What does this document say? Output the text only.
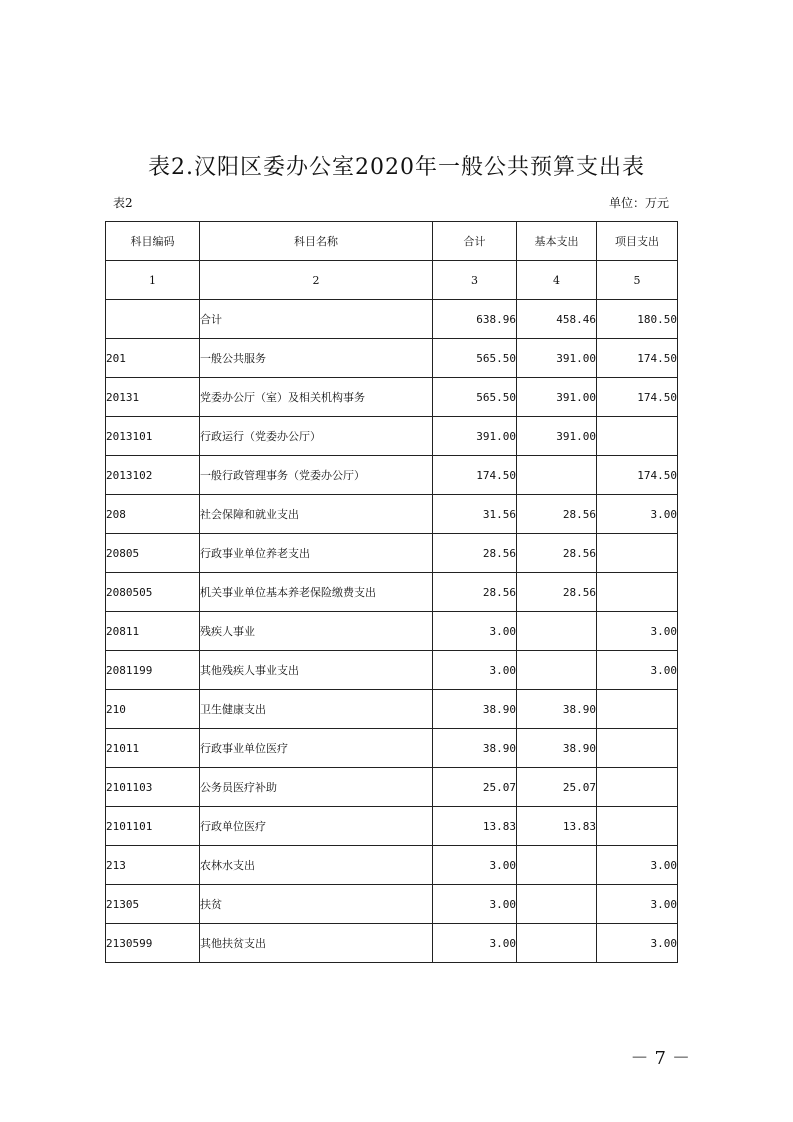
表2.汉阳区委办公室2020年一般公共预算支出表
表2	单位：万元
科目编码	科目名称	合计	基本支出	项目支出
1	2	3	4	5
	合计	638.96	458.46	180.50
201	一般公共服务	565.50	391.00	174.50
20131	党委办公厅（室）及相关机构事务	565.50	391.00	174.50
2013101	行政运行（党委办公厅）	391.00	391.00	
2013102	一般行政管理事务（党委办公厅）	174.50		174.50
208	社会保障和就业支出	31.56	28.56	3.00
20805	行政事业单位养老支出	28.56	28.56	
2080505	机关事业单位基本养老保险缴费支出	28.56	28.56	
20811	残疾人事业	3.00		3.00
2081199	其他残疾人事业支出	3.00		3.00
210	卫生健康支出	38.90	38.90	
21011	行政事业单位医疗	38.90	38.90	
2101103	公务员医疗补助	25.07	25.07	
2101101	行政单位医疗	13.83	13.83	
213	农林水支出	3.00		3.00
21305	扶贫	3.00		3.00
2130599	其他扶贫支出	3.00		3.00
－7－
